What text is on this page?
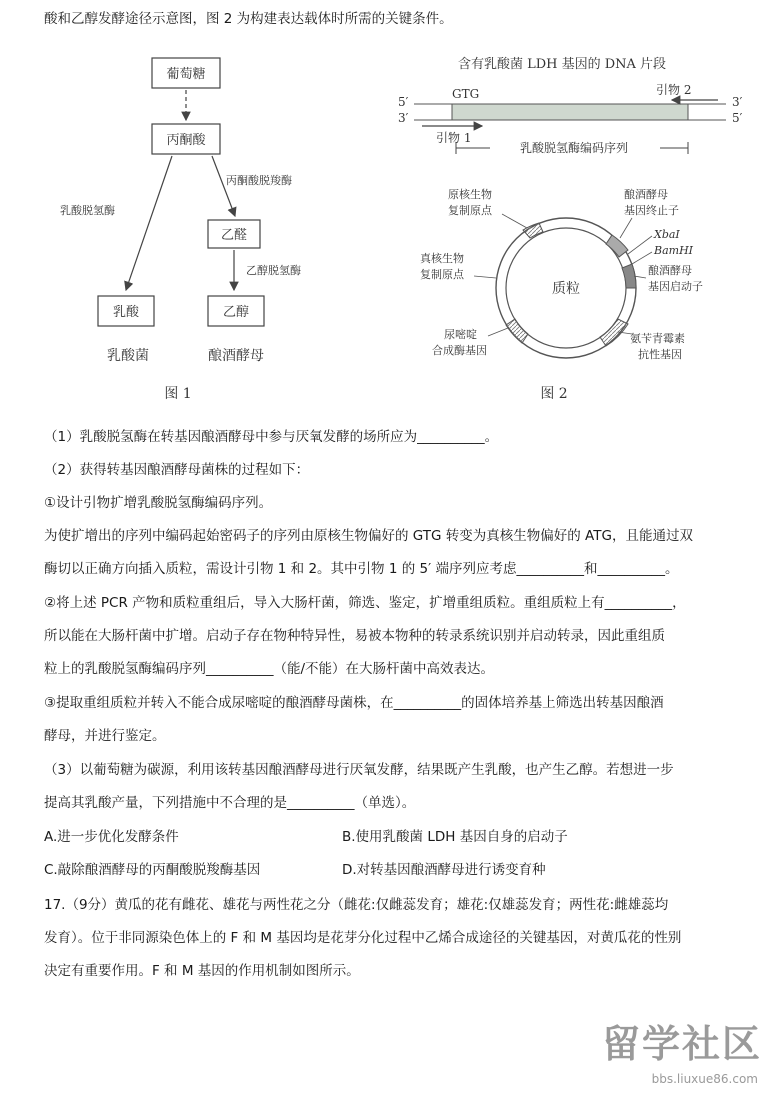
酸和乙醇发酵途径示意图，图 2 为构建表达载体时所需的关键条件。
葡萄糖
丙酮酸
丙酮酸脱羧酶
乳酸脱氢酶
乙醛
乙醇脱氢酶
乳酸	乙醇
乳酸菌	酿酒酵母
图 1
含有乳酸菌 LDH 基因的 DNA 片段
5′
3′
3′
5′
GTG	引物 2
引物 1
乳酸脱氢酶编码序列
质粒
原核生物
复制原点
真核生物
复制原点
酿酒酵母
基因终止子
XbaI
BamHI
酿酒酵母
基因启动子
尿嘧啶
合成酶基因
氨苄青霉素
抗性基因
图 2
（1）乳酸脱氢酶在转基因酿酒酵母中参与厌氧发酵的场所应为__________。
（2）获得转基因酿酒酵母菌株的过程如下：
①设计引物扩增乳酸脱氢酶编码序列。
为使扩增出的序列中编码起始密码子的序列由原核生物偏好的 GTG 转变为真核生物偏好的 ATG，且能通过双
酶切以正确方向插入质粒，需设计引物 1 和 2。其中引物 1 的 5′ 端序列应考虑__________和__________。
②将上述 PCR 产物和质粒重组后，导入大肠杆菌，筛选、鉴定，扩增重组质粒。重组质粒上有__________，
所以能在大肠杆菌中扩增。启动子存在物种特异性，易被本物种的转录系统识别并启动转录，因此重组质
粒上的乳酸脱氢酶编码序列__________（能/不能）在大肠杆菌中高效表达。
③提取重组质粒并转入不能合成尿嘧啶的酿酒酵母菌株，在__________的固体培养基上筛选出转基因酿酒
酵母，并进行鉴定。
（3）以葡萄糖为碳源，利用该转基因酿酒酵母进行厌氧发酵，结果既产生乳酸，也产生乙醇。若想进一步
提高其乳酸产量，下列措施中不合理的是__________（单选）。
A.进一步优化发酵条件	B.使用乳酸菌 LDH 基因自身的启动子
C.敲除酿酒酵母的丙酮酸脱羧酶基因	D.对转基因酿酒酵母进行诱变育种
17.（9分）黄瓜的花有雌花、雄花与两性花之分（雌花:仅雌蕊发育；雄花:仅雄蕊发育；两性花:雌雄蕊均
发育）。位于非同源染色体上的 F 和 M 基因均是花芽分化过程中乙烯合成途径的关键基因，对黄瓜花的性别
决定有重要作用。F 和 M 基因的作用机制如图所示。
留学社区
bbs.liuxue86.com
